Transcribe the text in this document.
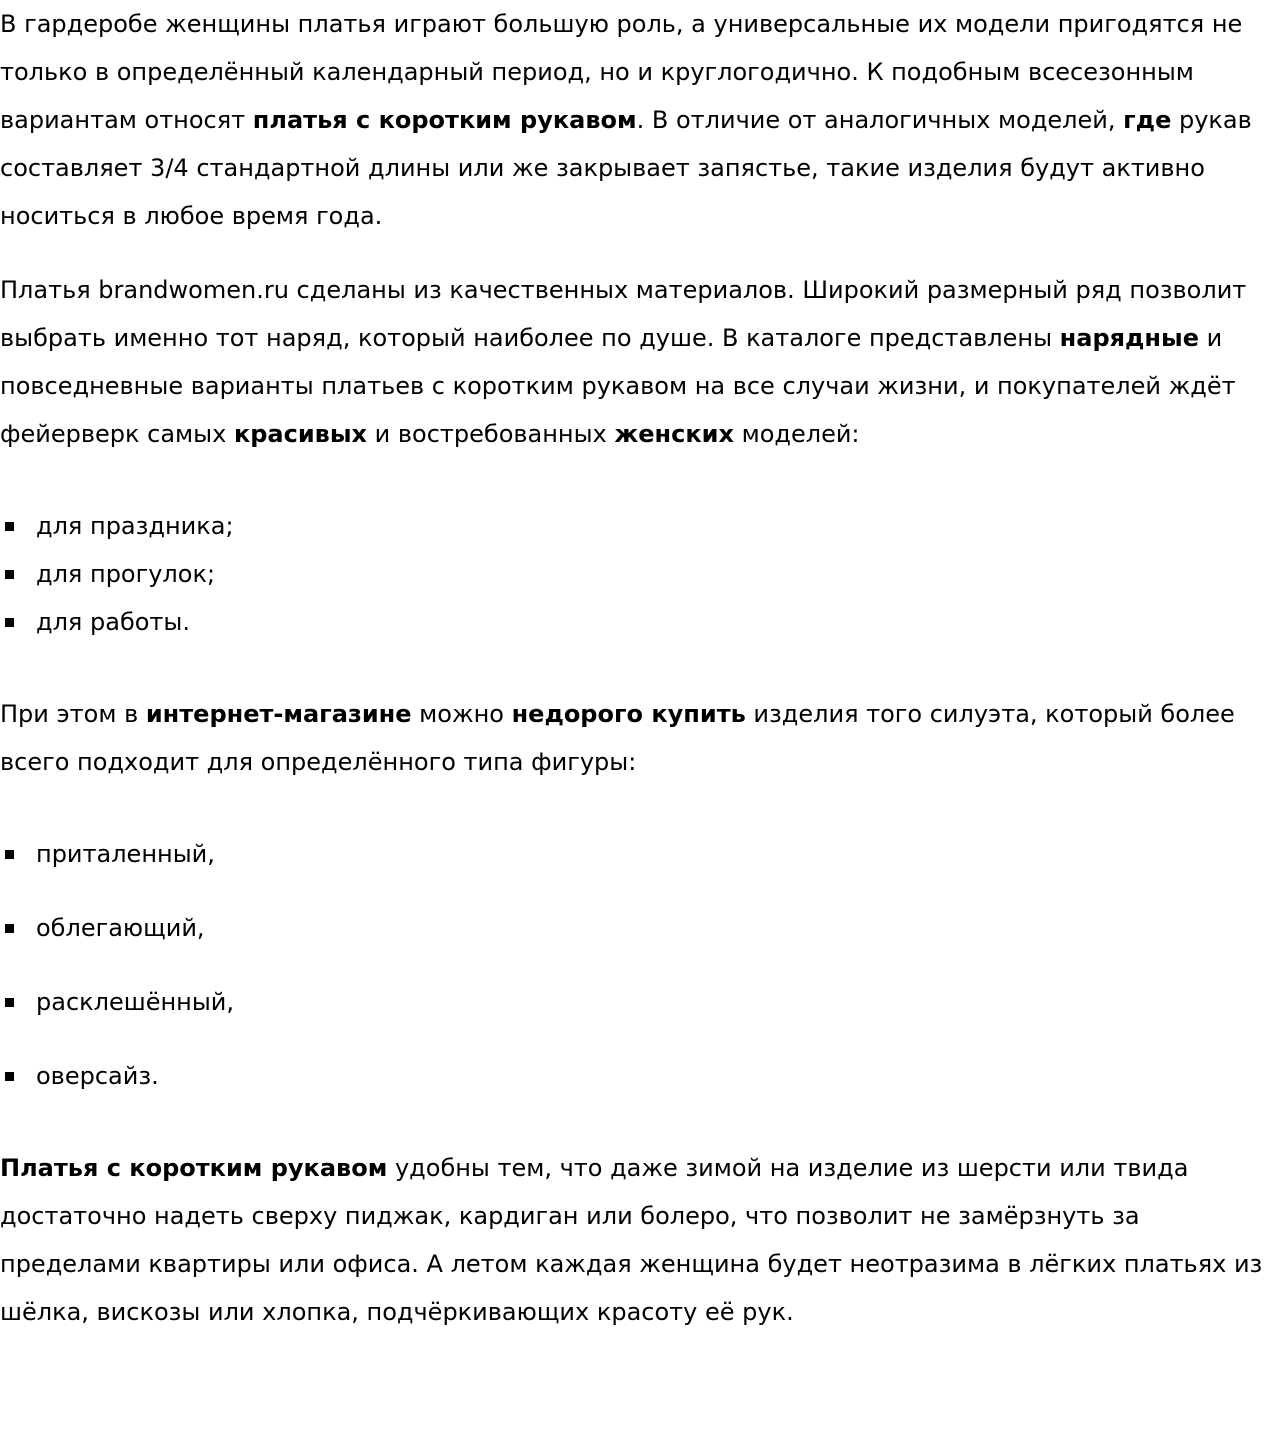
В гардеробе женщины платья играют большую роль, а универсальные их модели пригодятся не только в определённый календарный период, но и круглогодично. К подобным всесезонным вариантам относят платья с коротким рукавом. В отличие от аналогичных моделей, где рукав составляет 3/4 стандартной длины или же закрывает запястье, такие изделия будут активно носиться в любое время года.

Платья brandwomen.ru сделаны из качественных материалов. Широкий размерный ряд позволит выбрать именно тот наряд, который наиболее по душе. В каталоге представлены нарядные и повседневные варианты платьев с коротким рукавом на все случаи жизни, и покупателей ждёт фейерверк самых красивых и востребованных женских моделей:

для праздника;
для прогулок;
для работы.

При этом в интернет-магазине можно недорого купить изделия того силуэта, который более всего подходит для определённого типа фигуры:

приталенный,
облегающий,
расклешённый,
оверсайз.

Платья с коротким рукавом удобны тем, что даже зимой на изделие из шерсти или твида достаточно надеть сверху пиджак, кардиган или болеро, что позволит не замёрзнуть за пределами квартиры или офиса. А летом каждая женщина будет неотразима в лёгких платьях из шёлка, вискозы или хлопка, подчёркивающих красоту её рук.
